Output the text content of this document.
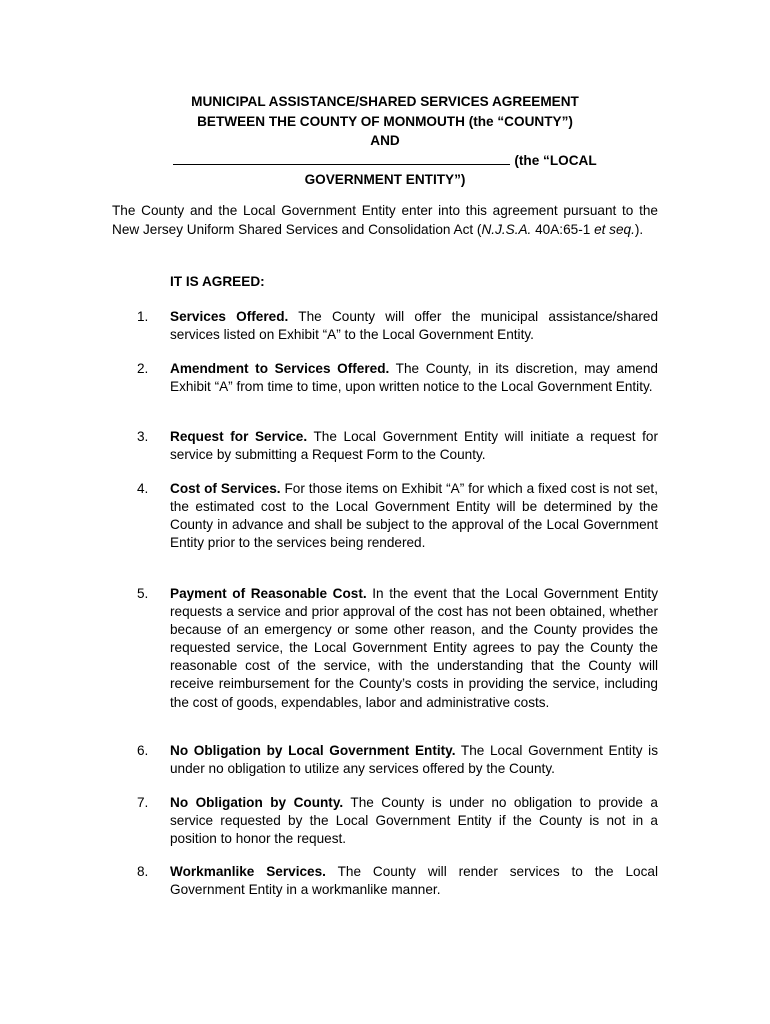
MUNICIPAL ASSISTANCE/SHARED SERVICES AGREEMENT
BETWEEN THE COUNTY OF MONMOUTH (the “COUNTY”)
AND
(the “LOCAL
GOVERNMENT ENTITY”)
The County and the Local Government Entity enter into this agreement pursuant to the New Jersey Uniform Shared Services and Consolidation Act (N.J.S.A. 40A:65-1 et seq.).
IT IS AGREED:
1. Services Offered. The County will offer the municipal assistance/shared services listed on Exhibit “A” to the Local Government Entity.
2. Amendment to Services Offered. The County, in its discretion, may amend Exhibit “A” from time to time, upon written notice to the Local Government Entity.
3. Request for Service. The Local Government Entity will initiate a request for service by submitting a Request Form to the County.
4. Cost of Services. For those items on Exhibit “A” for which a fixed cost is not set, the estimated cost to the Local Government Entity will be determined by the County in advance and shall be subject to the approval of the Local Government Entity prior to the services being rendered.
5. Payment of Reasonable Cost. In the event that the Local Government Entity requests a service and prior approval of the cost has not been obtained, whether because of an emergency or some other reason, and the County provides the requested service, the Local Government Entity agrees to pay the County the reasonable cost of the service, with the understanding that the County will receive reimbursement for the County’s costs in providing the service, including the cost of goods, expendables, labor and administrative costs.
6. No Obligation by Local Government Entity. The Local Government Entity is under no obligation to utilize any services offered by the County.
7. No Obligation by County. The County is under no obligation to provide a service requested by the Local Government Entity if the County is not in a position to honor the request.
8. Workmanlike Services. The County will render services to the Local Government Entity in a workmanlike manner.
